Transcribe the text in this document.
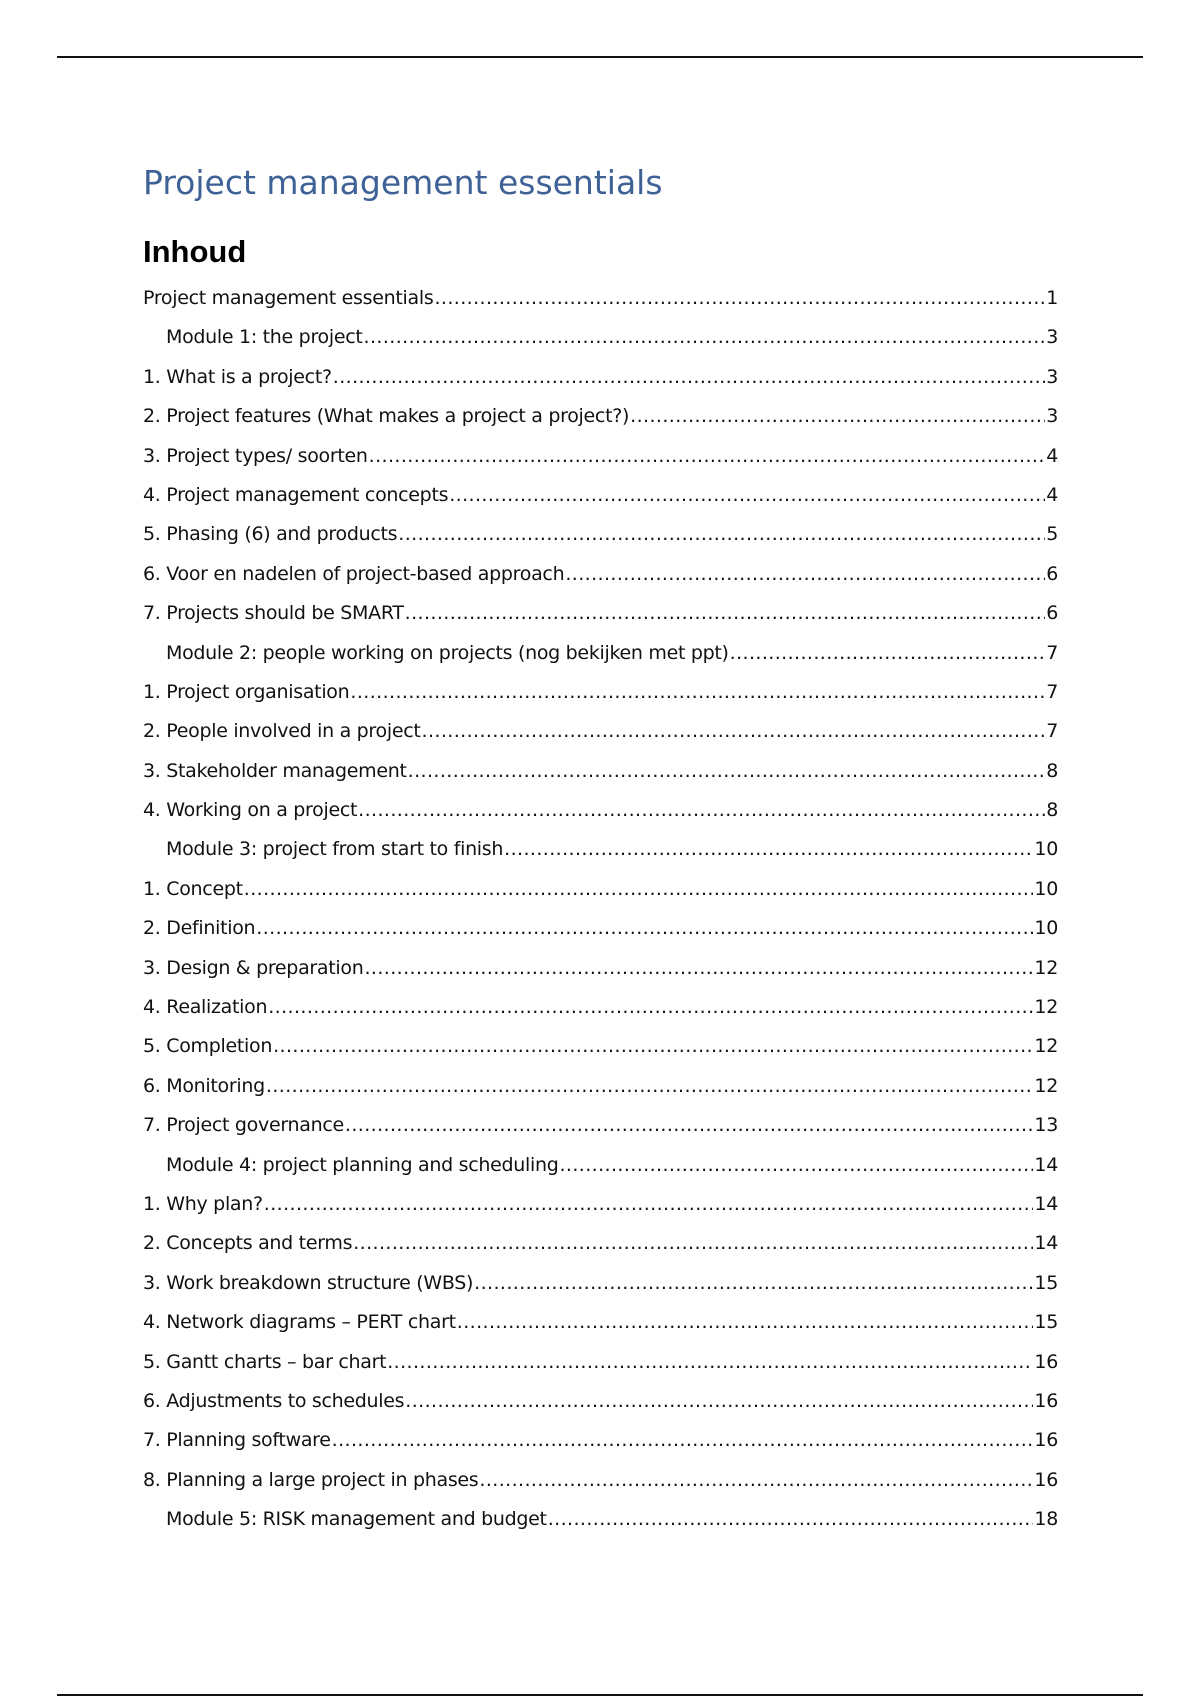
Project management essentials
Inhoud
Project management essentials .....	1
Module 1: the project .....	3
1. What is a project? .....	3
2. Project features (What makes a project a project?) .....	3
3. Project types/ soorten .....	4
4. Project management concepts .....	4
5. Phasing (6) and products .....	5
6. Voor en nadelen of project-based approach .....	6
7. Projects should be SMART .....	6
Module 2: people working on projects (nog bekijken met ppt) .....	7
1. Project organisation .....	7
2. People involved in a project .....	7
3. Stakeholder management .....	8
4. Working on a project .....	8
Module 3: project from start to finish .....	10
1. Concept .....	10
2. Definition .....	10
3. Design & preparation .....	12
4. Realization .....	12
5. Completion .....	12
6. Monitoring .....	12
7. Project governance .....	13
Module 4: project planning and scheduling .....	14
1. Why plan? .....	14
2. Concepts and terms .....	14
3. Work breakdown structure (WBS) .....	15
4. Network diagrams – PERT chart .....	15
5. Gantt charts – bar chart .....	16
6. Adjustments to schedules .....	16
7. Planning software .....	16
8. Planning a large project in phases .....	16
Module 5: RISK management and budget .....	18
